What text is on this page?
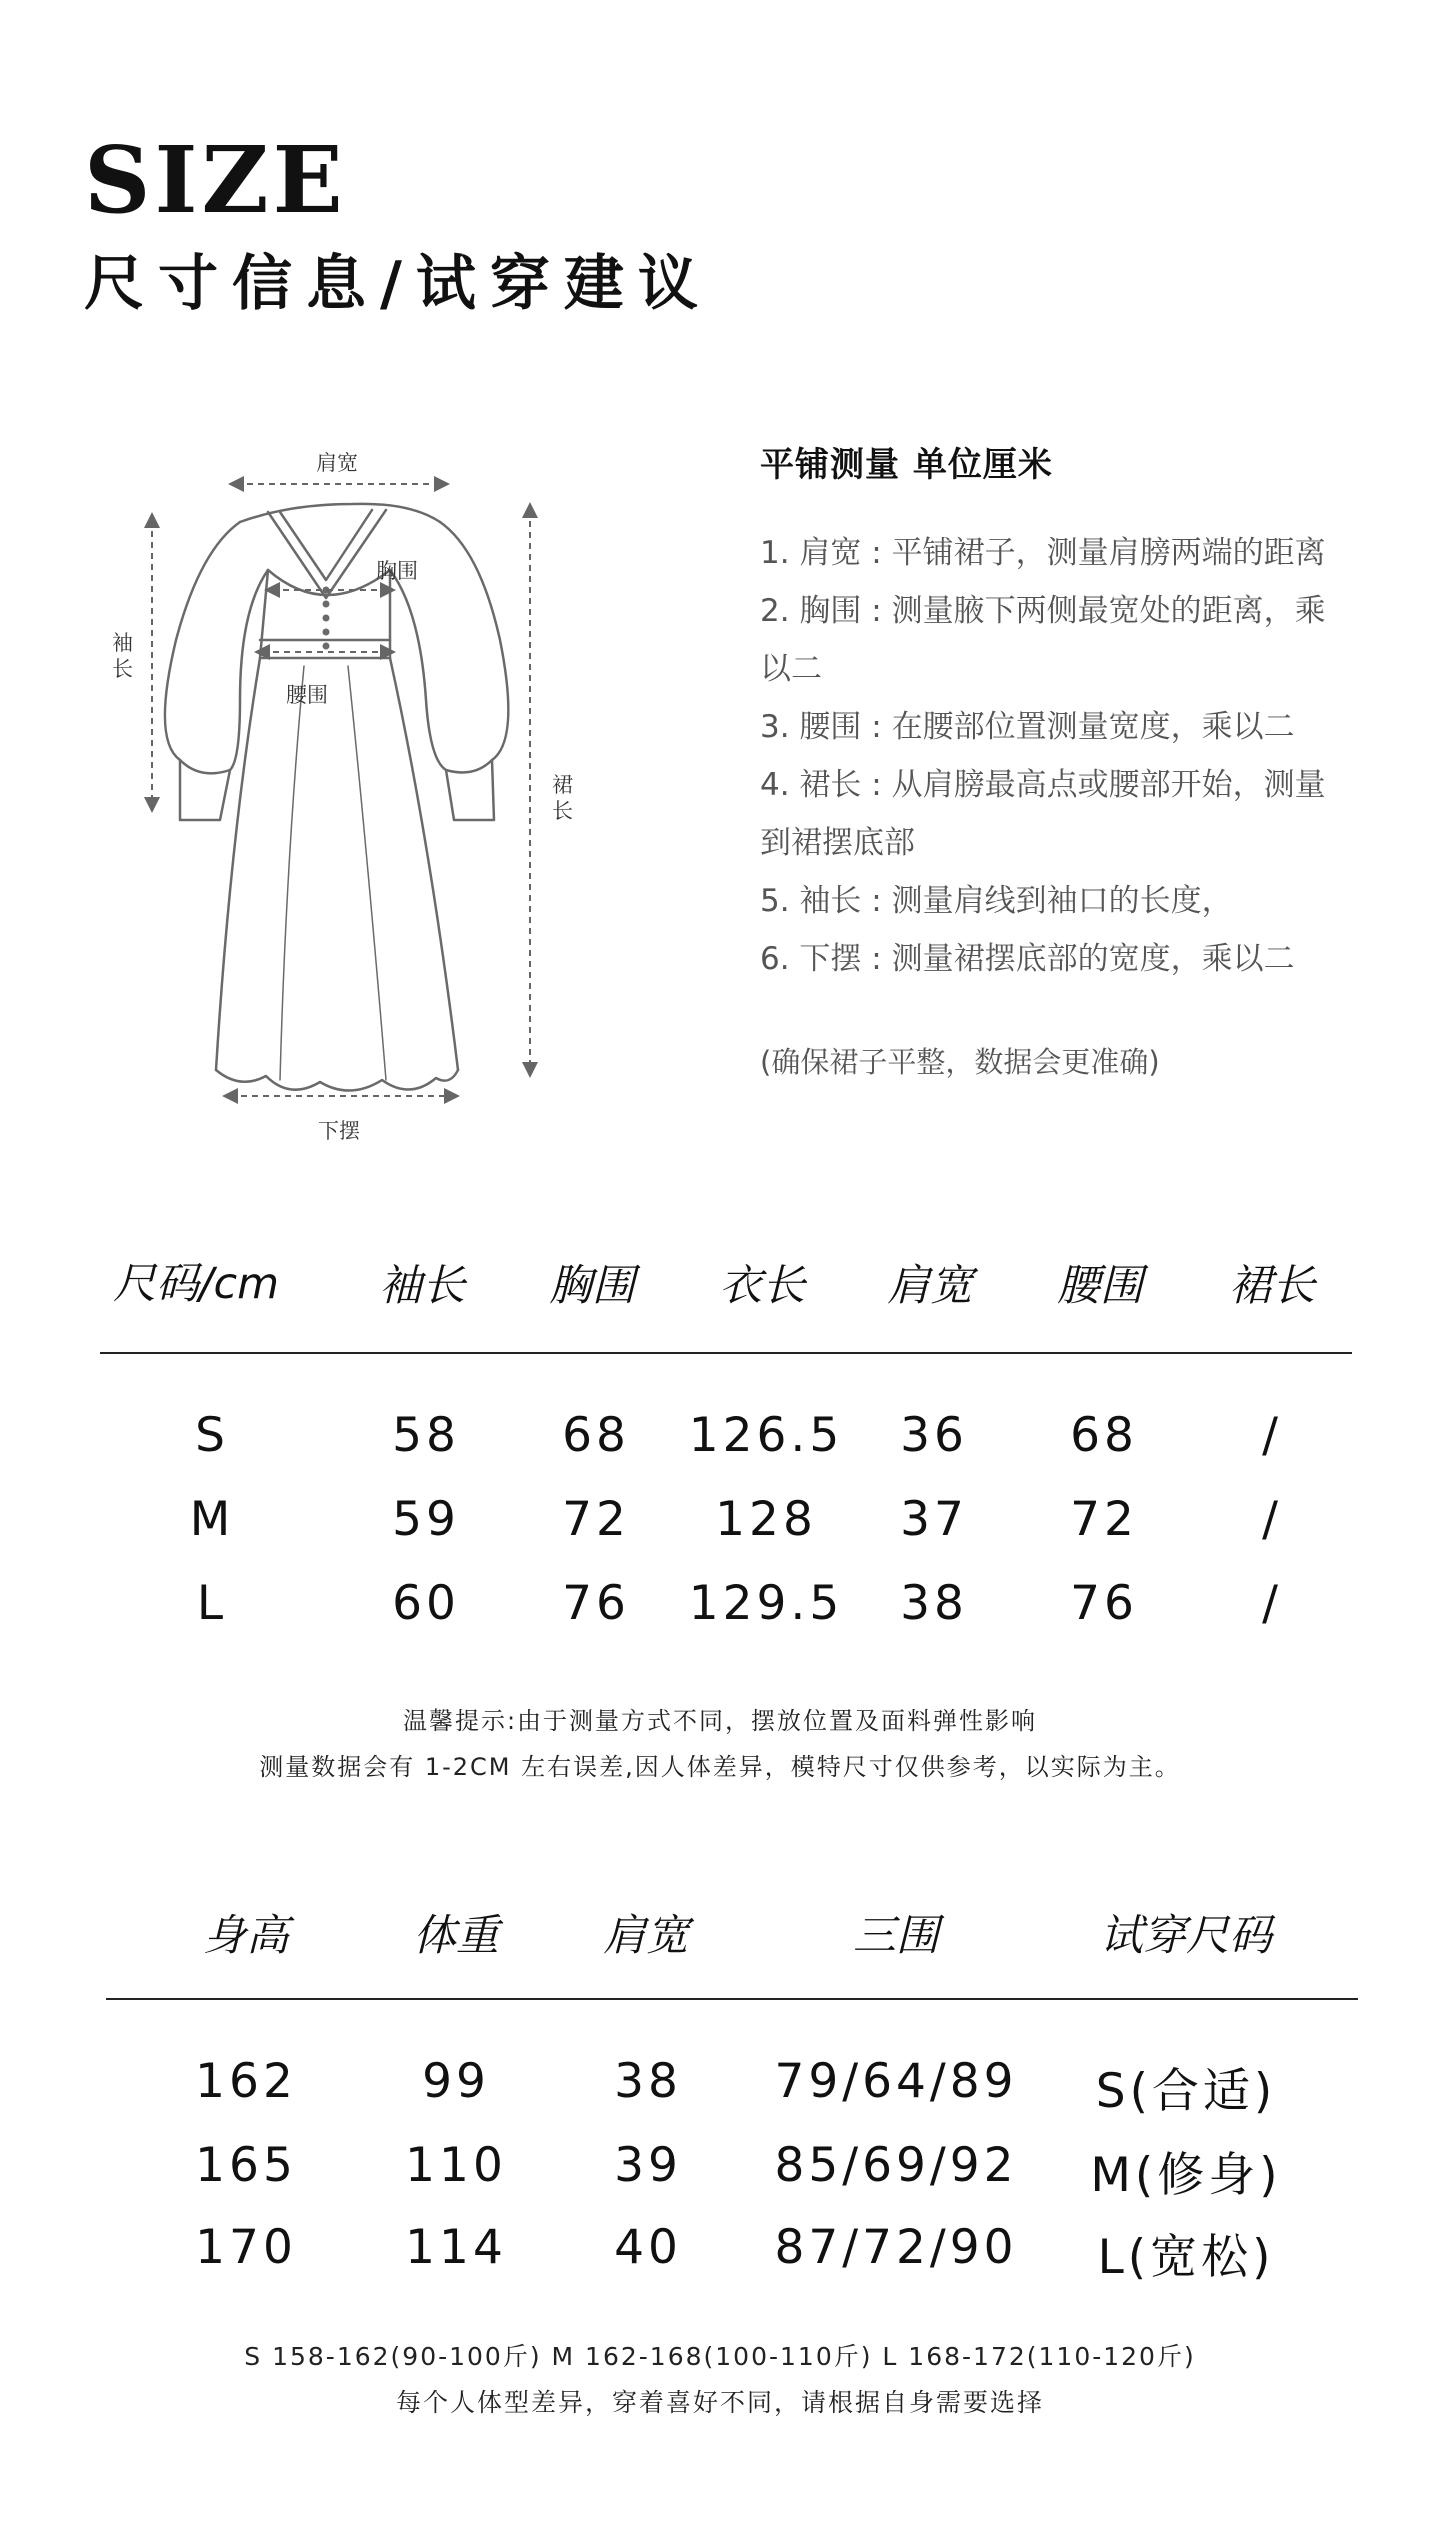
SIZE
尺寸信息/试穿建议
肩宽
胸围
腰围
下摆
袖
长
裙
长
平铺测量 单位厘米
1. 肩宽 : 平铺裙子，测量肩膀两端的距离
2. 胸围 : 测量腋下两侧最宽处的距离，乘
以二
3. 腰围 : 在腰部位置测量宽度，乘以二
4. 裙长 : 从肩膀最高点或腰部开始，测量
到裙摆底部
5. 袖长 : 测量肩线到袖口的长度，
6. 下摆 : 测量裙摆底部的宽度，乘以二
(确保裙子平整，数据会更准确)
尺码/cm 袖长 胸围 衣长 肩宽 腰围 裙长
S	58 68 126.5 36 68	/
M	59 72 128 37 72	/
L	60 76 129.5 38 76	/
温馨提示:由于测量方式不同，摆放位置及面料弹性影响
测量数据会有 1-2CM 左右误差,因人体差异，模特尺寸仅供参考，以实际为主。
身高	体重 肩宽	三围	试穿尺码
162	99	38 79/64/89 S(合适)
165 110 39 85/69/92 M(修身)
170 114 40 87/72/90 L(宽松)
S 158-162(90-100斤) M 162-168(100-110斤) L 168-172(110-120斤)
每个人体型差异，穿着喜好不同，请根据自身需要选择
